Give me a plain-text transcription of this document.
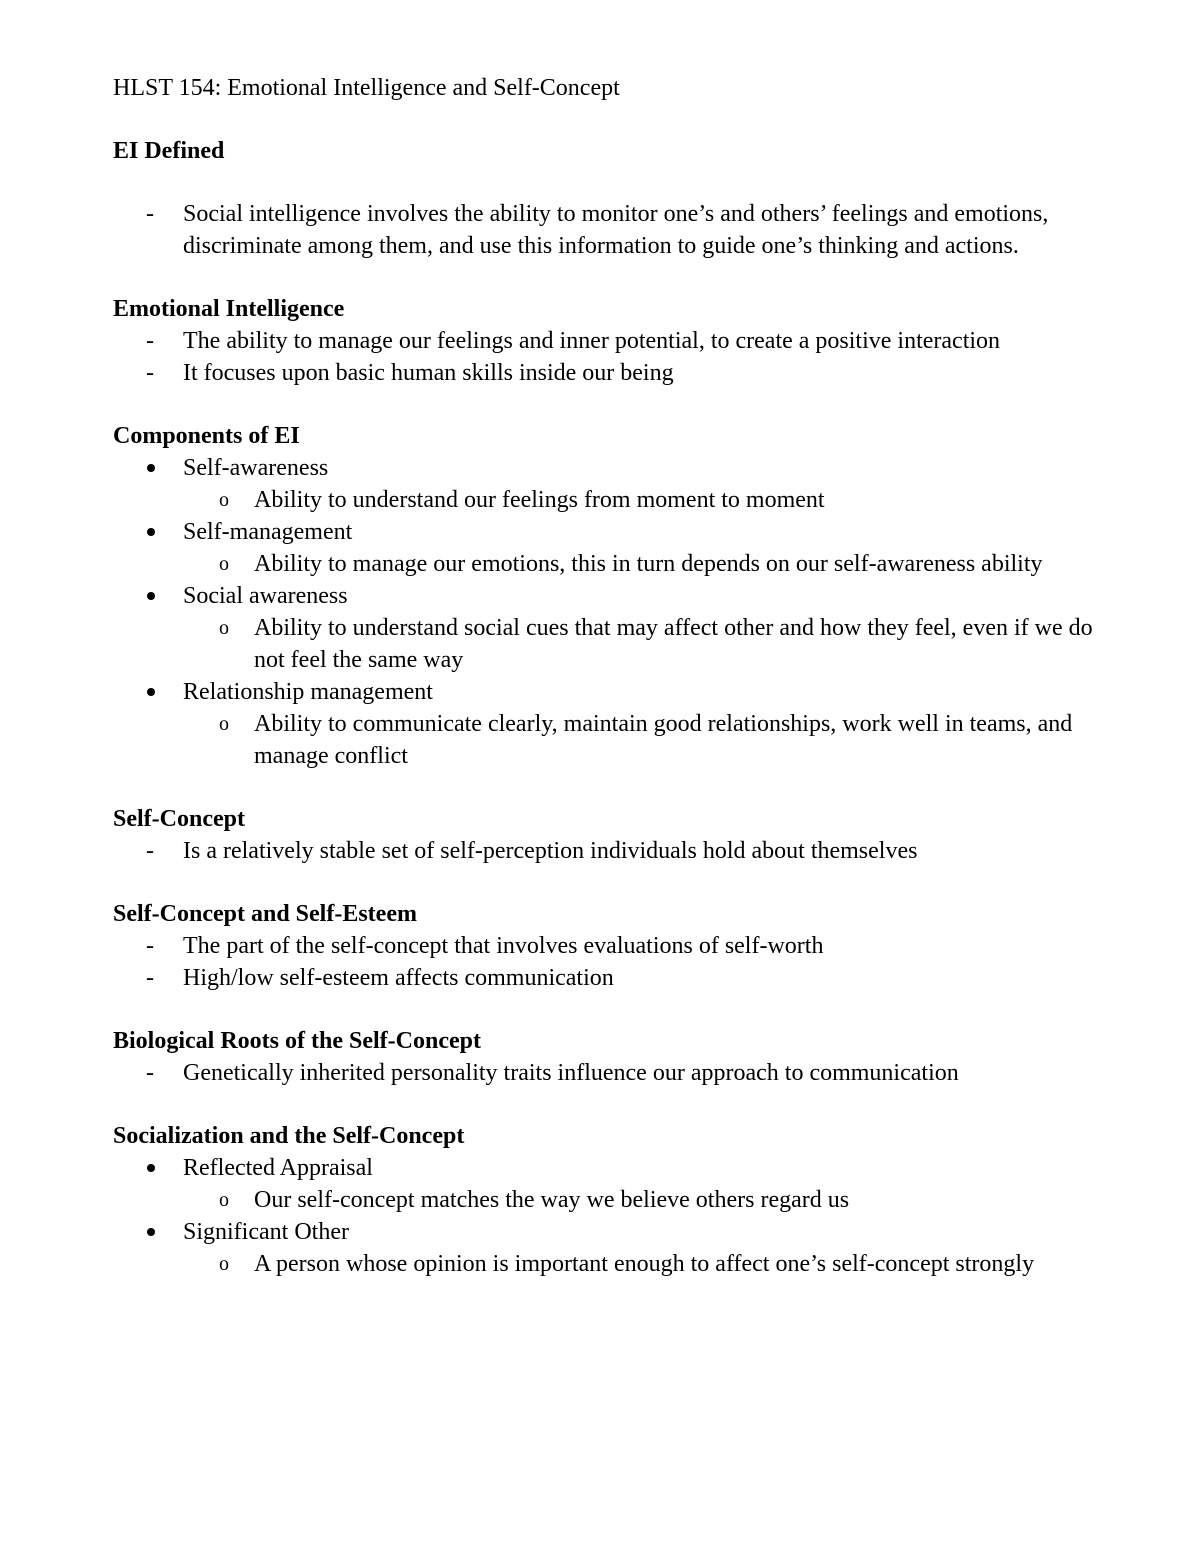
HLST 154: Emotional Intelligence and Self-Concept

EI Defined

- Social intelligence involves the ability to monitor one’s and others’ feelings and emotions, discriminate among them, and use this information to guide one’s thinking and actions.

Emotional Intelligence

- The ability to manage our feelings and inner potential, to create a positive interaction

- It focuses upon basic human skills inside our being

Components of EI

Self-awareness

o Ability to understand our feelings from moment to moment

Self-management

o Ability to manage our emotions, this in turn depends on our self-awareness ability

Social awareness

o Ability to understand social cues that may affect other and how they feel, even if we do not feel the same way

Relationship management

o Ability to communicate clearly, maintain good relationships, work well in teams, and manage conflict

Self-Concept

- Is a relatively stable set of self-perception individuals hold about themselves

Self-Concept and Self-Esteem

- The part of the self-concept that involves evaluations of self-worth

- High/low self-esteem affects communication

Biological Roots of the Self-Concept

- Genetically inherited personality traits influence our approach to communication

Socialization and the Self-Concept

Reflected Appraisal

o Our self-concept matches the way we believe others regard us

Significant Other

o A person whose opinion is important enough to affect one’s self-concept strongly
